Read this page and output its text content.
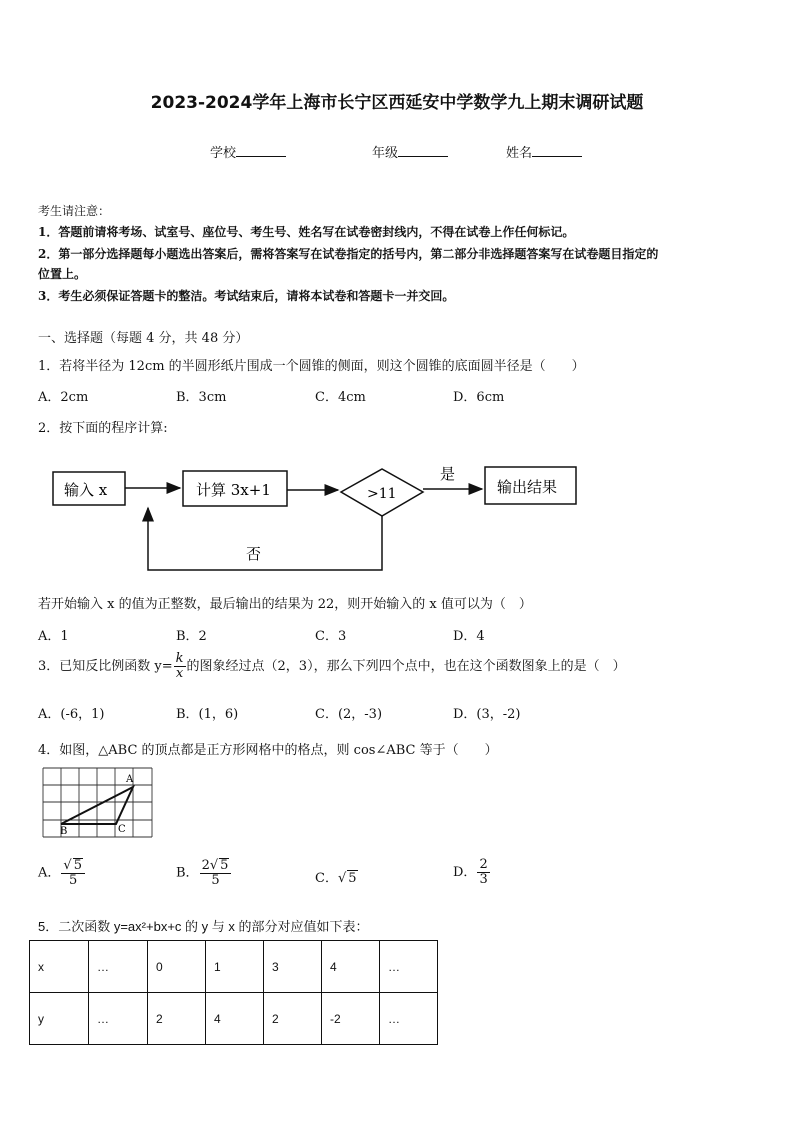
2023-2024学年上海市长宁区西延安中学数学九上期末调研试题
学校	年级	姓名
考生请注意：
1．答题前请将考场、试室号、座位号、考生号、姓名写在试卷密封线内，不得在试卷上作任何标记。
2．第一部分选择题每小题选出答案后，需将答案写在试卷指定的括号内，第二部分非选择题答案写在试卷题目指定的
位置上。
3．考生必须保证答题卡的整洁。考试结束后，请将本试卷和答题卡一并交回。
一、选择题（每题 4 分，共 48 分）
1．若将半径为 12cm 的半圆形纸片围成一个圆锥的侧面，则这个圆锥的底面圆半径是（　　）
A．2cm	B．3cm	C．4cm	D．6cm
2．按下面的程序计算:
输入 x	计算 3x+1	>11
是
输出结果
否
若开始输入 x 的值为正整数，最后输出的结果为 22，则开始输入的 x 值可以为（　）
A．1	B．2	C．3	D．4
3．已知反比例函数 $y= \frac{k}{x}$ 的图象经过点（2，3），那么下列四个点中，也在这个函数图象上的是（　）
A．(-6，1)	B．(1，6)	C．(2，-3)	D．(3，-2)
4．如图，△ABC 的顶点都是正方形网格中的格点，则 cos∠ABC 等于（　　）
A
B	C
A． $\frac{√ 5}{5}$	B． $\frac{2√ 5}{5}$	C．√ 5	D． $\frac{2}{3}$
5．二次函数 y=ax²+bx+c 的 y 与 x 的部分对应值如下表：
x	…	0	1	3	4	…
y	…	2	4	2	-2	…
